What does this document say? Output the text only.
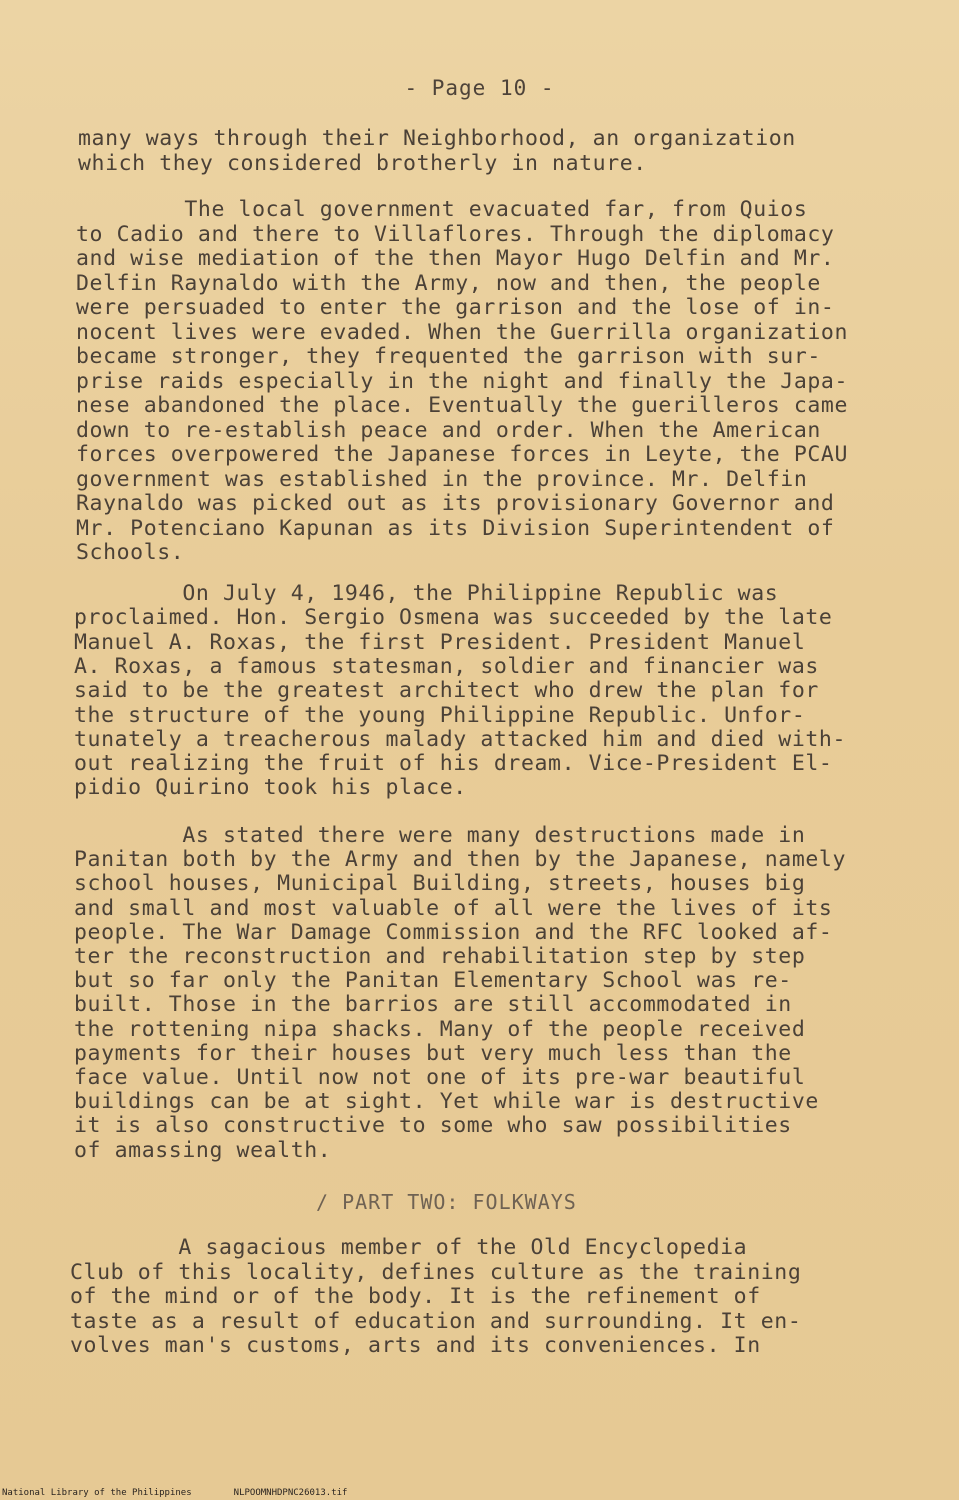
- Page 10 -
many ways through their Neighborhood, an organization
which they considered brotherly in nature.
The local government evacuated far, from Quios
to Cadio and there to Villaflores. Through the diplomacy
and wise mediation of the then Mayor Hugo Delfin and Mr.
Delfin Raynaldo with the Army, now and then, the people
were persuaded to enter the garrison and the lose of in-
nocent lives were evaded. When the Guerrilla organization
became stronger, they frequented the garrison with sur-
prise raids especially in the night and finally the Japa-
nese abandoned the place. Eventually the guerilleros came
down to re-establish peace and order. When the American
forces overpowered the Japanese forces in Leyte, the PCAU
government was established in the province. Mr. Delfin
Raynaldo was picked out as its provisionary Governor and
Mr. Potenciano Kapunan as its Division Superintendent of
Schools.
On July 4, 1946, the Philippine Republic was
proclaimed. Hon. Sergio Osmena was succeeded by the late
Manuel A. Roxas, the first President. President Manuel
A. Roxas, a famous statesman, soldier and financier was
said to be the greatest architect who drew the plan for
the structure of the young Philippine Republic. Unfor-
tunately a treacherous malady attacked him and died with-
out realizing the fruit of his dream. Vice-President El-
pidio Quirino took his place.
As stated there were many destructions made in
Panitan both by the Army and then by the Japanese, namely
school houses, Municipal Building, streets, houses big
and small and most valuable of all were the lives of its
people. The War Damage Commission and the RFC looked af-
ter the reconstruction and rehabilitation step by step
but so far only the Panitan Elementary School was re-
built. Those in the barrios are still accommodated in
the rottening nipa shacks. Many of the people received
payments for their houses but very much less than the
face value. Until now not one of its pre-war beautiful
buildings can be at sight. Yet while war is destructive
it is also constructive to some who saw possibilities
of amassing wealth.
A sagacious member of the Old Encyclopedia
Club of this locality, defines culture as the training
of the mind or of the body. It is the refinement of
taste as a result of education and surrounding. It en-
volves man's customs, arts and its conveniences. In
∕ PART TWO: FOLKWAYS
National Library of the Philippines	NLPOOMNHDPNC26013.tif
